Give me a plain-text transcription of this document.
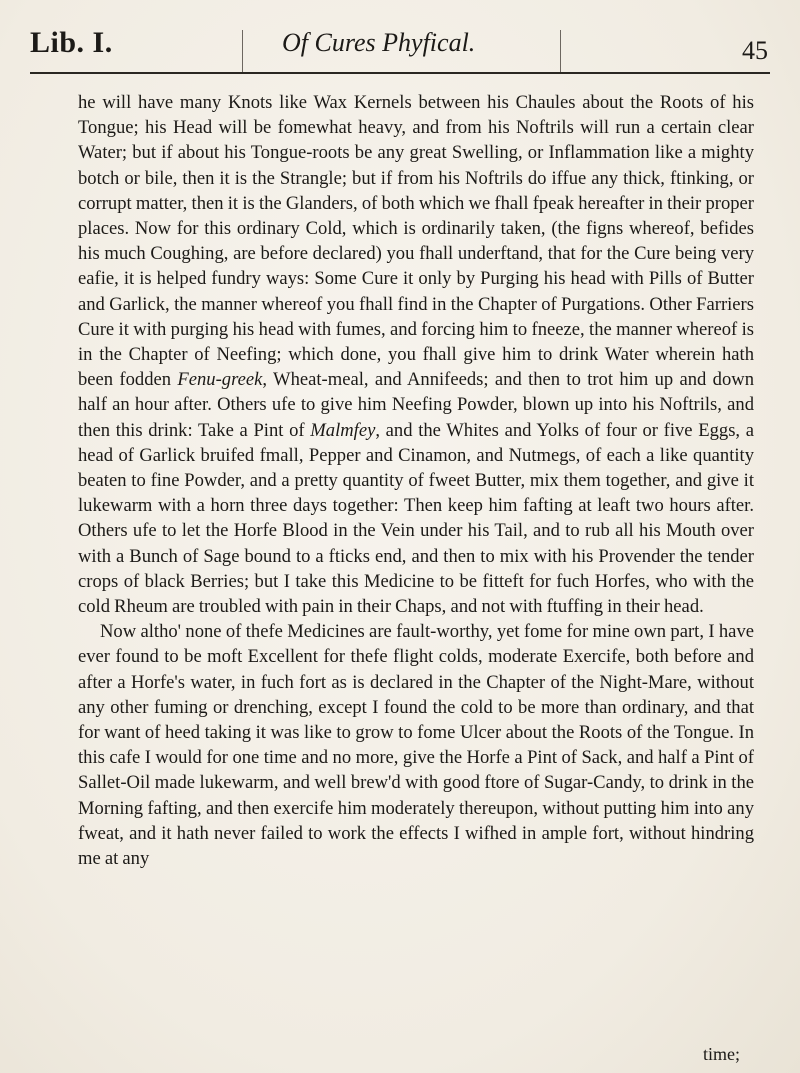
Lib. I.	Of Cures Phyfical.	45

he will have many Knots like Wax Kernels between his Chaules about the Roots of his Tongue; his Head will be fomewhat heavy, and from his Noftrils will run a certain clear Water; but if about his Tongue-roots be any great Swelling, or Inflammation like a mighty botch or bile, then it is the Strangle; but if from his Noftrils do iffue any thick, ftinking, or corrupt matter, then it is the Glanders, of both which we fhall fpeak hereafter in their proper places. Now for this ordinary Cold, which is ordinarily taken, (the figns whereof, befides his much Coughing, are before declared) you fhall underftand, that for the Cure being very eafie, it is helped fundry ways: Some Cure it only by Purging his head with Pills of Butter and Garlick, the manner whereof you fhall find in the Chapter of Purgations. Other Farriers Cure it with purging his head with fumes, and forcing him to fneeze, the manner whereof is in the Chapter of Neefing; which done, you fhall give him to drink Water wherein hath been fodden Fenu-greek, Wheat-meal, and Annifeeds; and then to trot him up and down half an hour after. Others ufe to give him Neefing Powder, blown up into his Noftrils, and then this drink: Take a Pint of Malmfey, and the Whites and Yolks of four or five Eggs, a head of Garlick bruifed fmall, Pepper and Cinamon, and Nutmegs, of each a like quantity beaten to fine Powder, and a pretty quantity of fweet Butter, mix them together, and give it lukewarm with a horn three days together: Then keep him fafting at leaft two hours after. Others ufe to let the Horfe Blood in the Vein under his Tail, and to rub all his Mouth over with a Bunch of Sage bound to a fticks end, and then to mix with his Provender the tender crops of black Berries; but I take this Medicine to be fitteft for fuch Horfes, who with the cold Rheum are troubled with pain in their Chaps, and not with ftuffing in their head.

Now altho' none of thefe Medicines are fault-worthy, yet fome for mine own part, I have ever found to be moft Excellent for thefe flight colds, moderate Exercife, both before and after a Horfe's water, in fuch fort as is declared in the Chapter of the Night-Mare, without any other fuming or drenching, except I found the cold to be more than ordinary, and that for want of heed taking it was like to grow to fome Ulcer about the Roots of the Tongue. In this cafe I would for one time and no more, give the Horfe a Pint of Sack, and half a Pint of Sallet-Oil made lukewarm, and well brew'd with good ftore of Sugar-Candy, to drink in the Morning fafting, and then exercife him moderately thereupon, without putting him into any fweat, and it hath never failed to work the effects I wifhed in ample fort, without hindring me at any

time;
